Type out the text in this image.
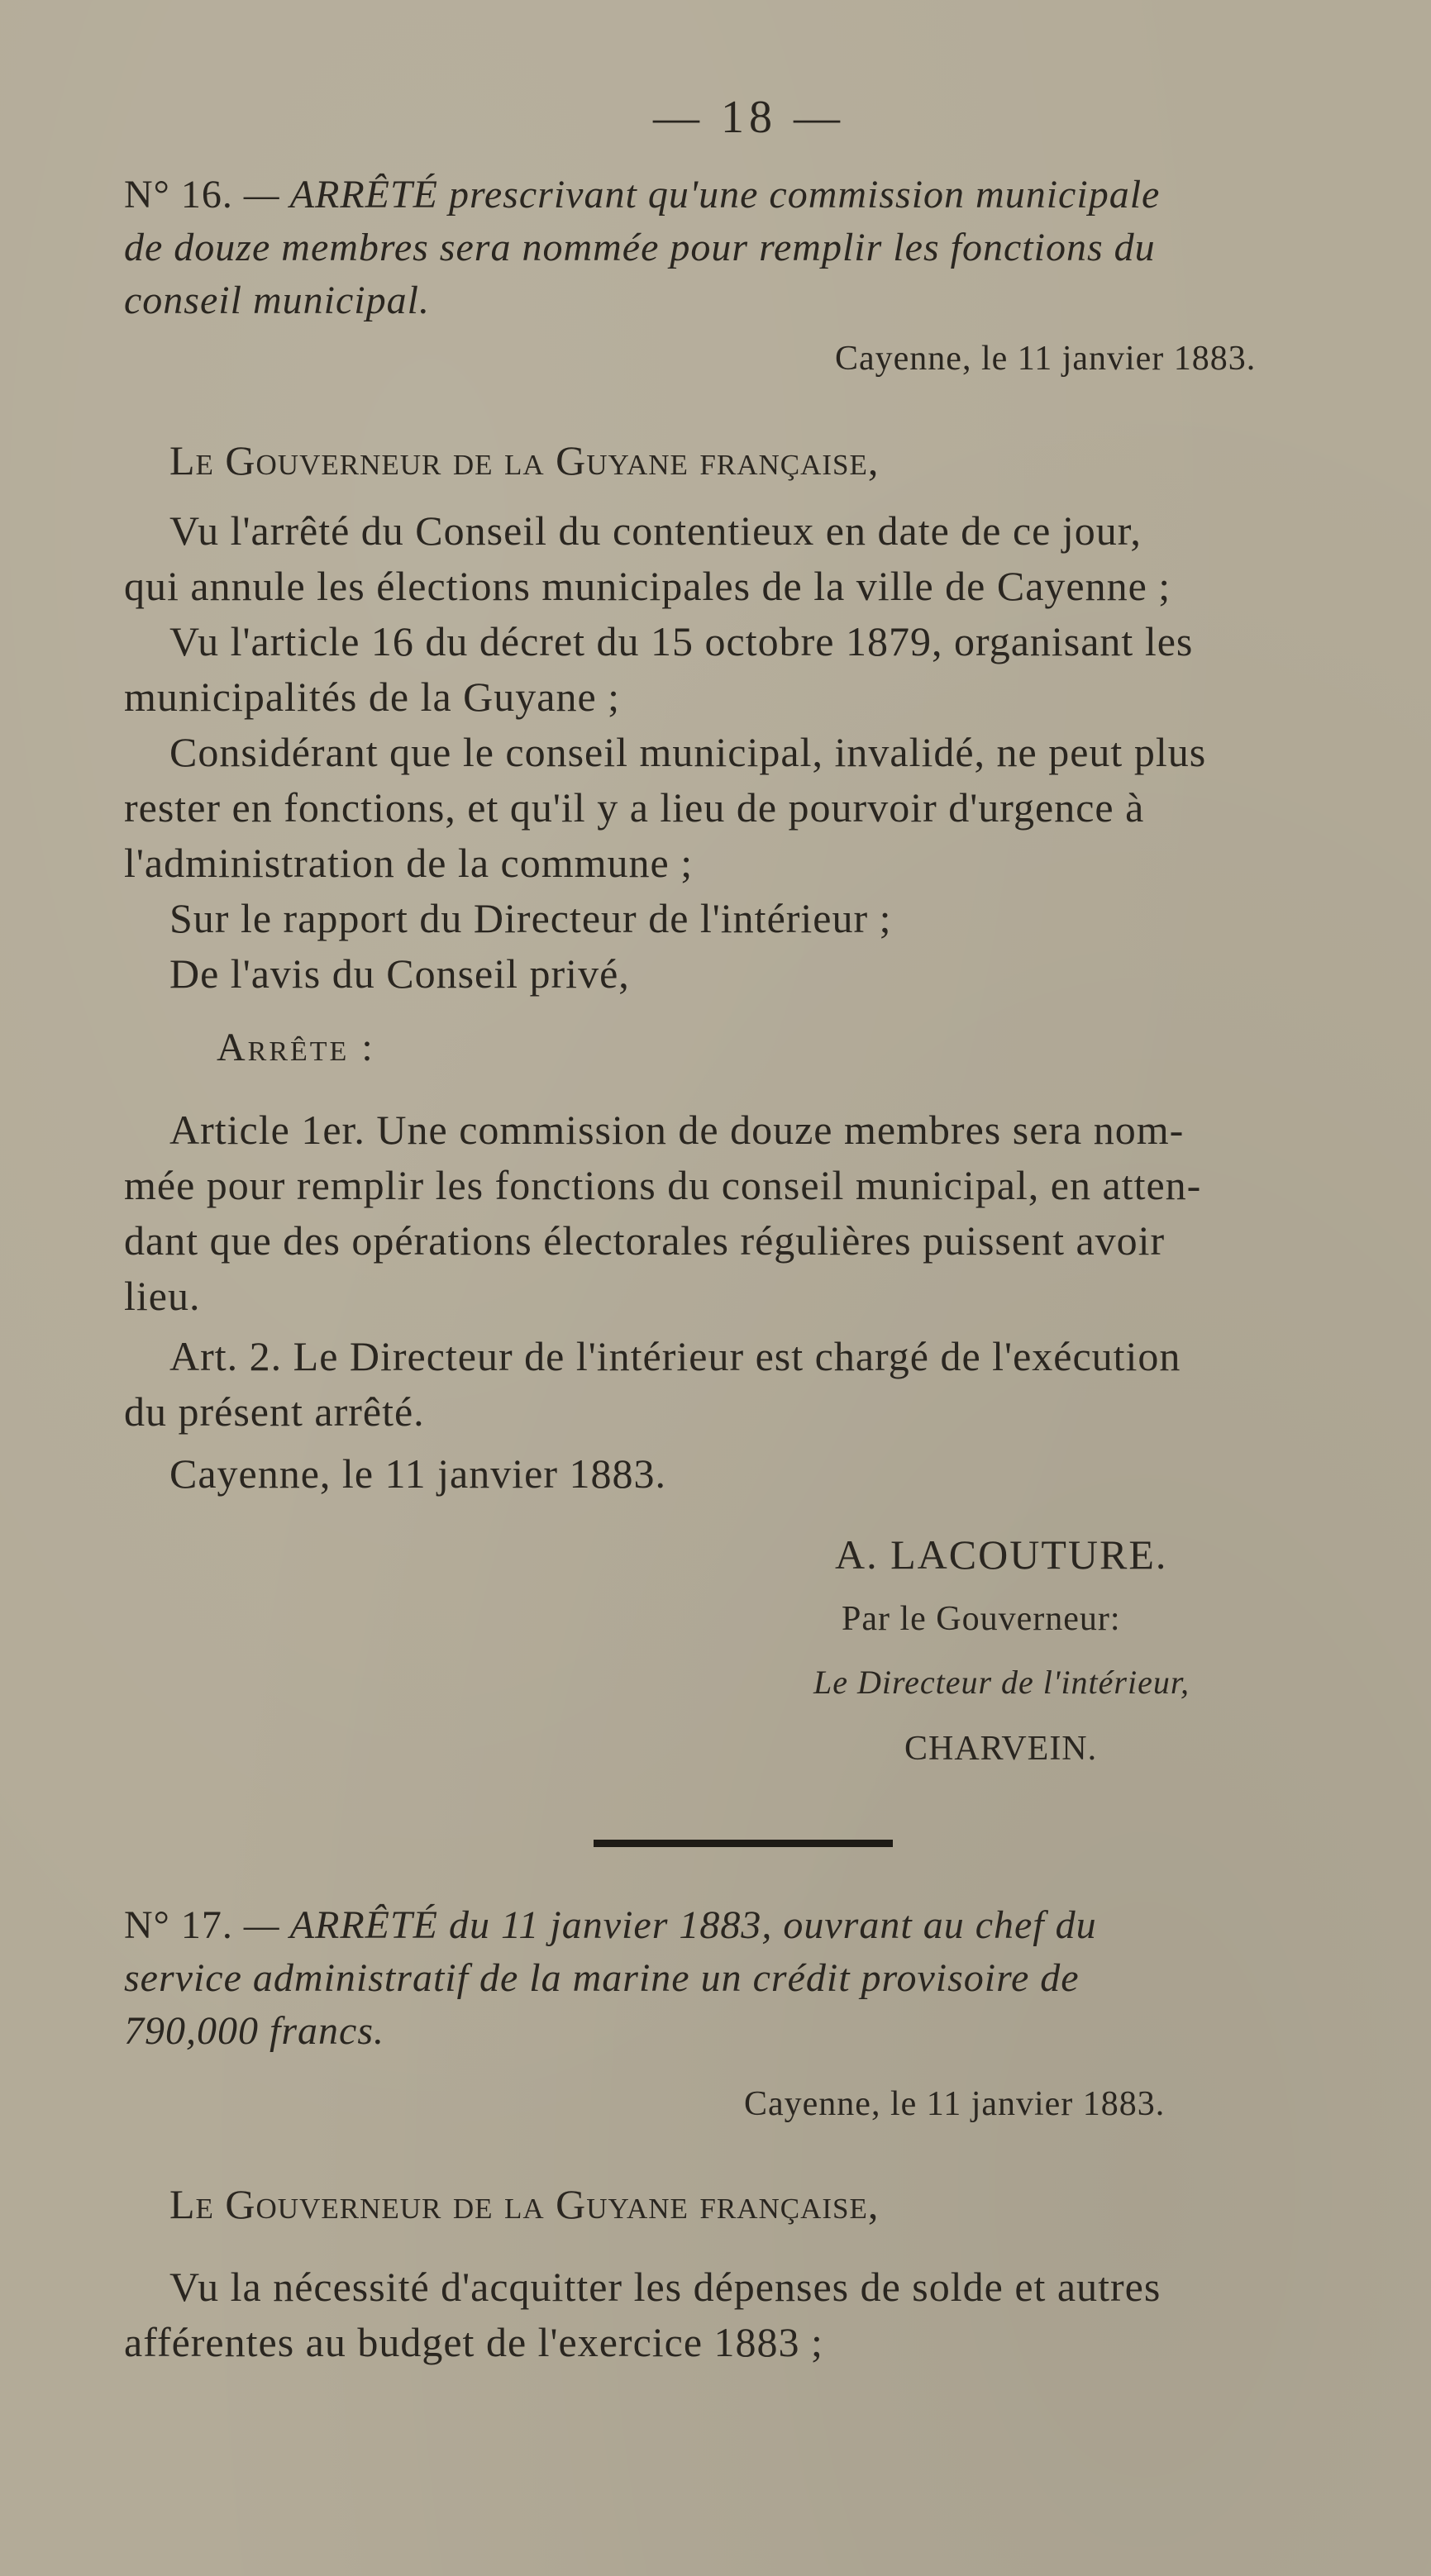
— 18 —
N° 16. — ARRÊTÉ prescrivant qu'une commission municipale
de douze membres sera nommée pour remplir les fonctions du
conseil municipal.
Cayenne, le 11 janvier 1883.
Le Gouverneur de la Guyane française,
Vu l'arrêté du Conseil du contentieux en date de ce jour,
qui annule les élections municipales de la ville de Cayenne ;
Vu l'article 16 du décret du 15 octobre 1879, organisant les
municipalités de la Guyane ;
Considérant que le conseil municipal, invalidé, ne peut plus
rester en fonctions, et qu'il y a lieu de pourvoir d'urgence à
l'administration de la commune ;
Sur le rapport du Directeur de l'intérieur ;
De l'avis du Conseil privé,
Arrête :
Article 1er. Une commission de douze membres sera nom-
mée pour remplir les fonctions du conseil municipal, en atten-
dant que des opérations électorales régulières puissent avoir
lieu.
Art. 2. Le Directeur de l'intérieur est chargé de l'exécution
du présent arrêté.
Cayenne, le 11 janvier 1883.
A. LACOUTURE.
Par le Gouverneur:
Le Directeur de l'intérieur,
CHARVEIN.
N° 17. — ARRÊTÉ du 11 janvier 1883, ouvrant au chef du
service administratif de la marine un crédit provisoire de
790,000 francs.
Cayenne, le 11 janvier 1883.
Le Gouverneur de la Guyane française,
Vu la nécessité d'acquitter les dépenses de solde et autres
afférentes au budget de l'exercice 1883 ;
